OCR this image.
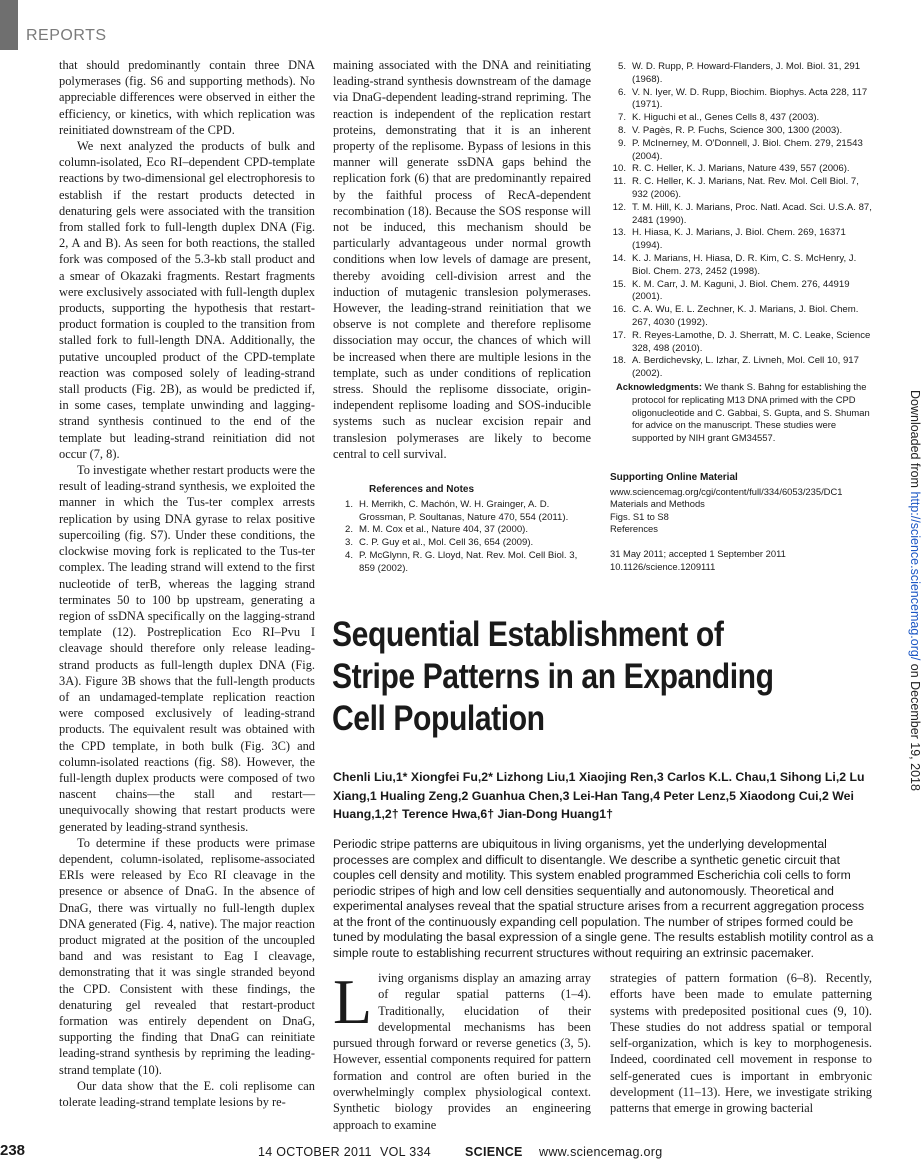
REPORTS

that should predominantly contain three DNA polymerases (fig. S6 and supporting methods). No appreciable differences were observed in either the efficiency, or kinetics, with which replication was reinitiated downstream of the CPD.

We next analyzed the products of bulk and column-isolated, Eco RI–dependent CPD-template reactions by two-dimensional gel electrophoresis to establish if the restart products detected in denaturing gels were associated with the transition from stalled fork to full-length duplex DNA (Fig. 2, A and B). As seen for both reactions, the stalled fork was composed of the 5.3-kb stall product and a smear of Okazaki fragments. Restart fragments were exclusively associated with full-length duplex products, supporting the hypothesis that restart-product formation is coupled to the transition from stalled fork to full-length DNA. Additionally, the putative uncoupled product of the CPD-template reaction was composed solely of leading-strand stall products (Fig. 2B), as would be predicted if, in some cases, template unwinding and lagging-strand synthesis continued to the end of the template but leading-strand reinitiation did not occur (7, 8).

To investigate whether restart products were the result of leading-strand synthesis, we exploited the manner in which the Tus-ter complex arrests replication by using DNA gyrase to relax positive supercoiling (fig. S7). Under these conditions, the clockwise moving fork is replicated to the Tus-ter complex. The leading strand will extend to the first nucleotide of terB, whereas the lagging strand terminates 50 to 100 bp upstream, generating a region of ssDNA specifically on the lagging-strand template (12). Postreplication Eco RI–Pvu I cleavage should therefore only release leading-strand products as full-length duplex DNA (Fig. 3A). Figure 3B shows that the full-length products of an undamaged-template replication reaction were composed exclusively of leading-strand products. The equivalent result was obtained with the CPD template, in both bulk (Fig. 3C) and column-isolated reactions (fig. S8). However, the full-length duplex products were composed of two nascent chains—the stall and restart—unequivocally showing that restart products were generated by leading-strand synthesis.

To determine if these products were primase dependent, column-isolated, replisome-associated ERIs were released by Eco RI cleavage in the presence or absence of DnaG. In the absence of DnaG, there was virtually no full-length duplex DNA generated (Fig. 4, native). The major reaction product migrated at the position of the uncoupled band and was resistant to Eag I cleavage, demonstrating that it was single stranded beyond the CPD. Consistent with these findings, the denaturing gel revealed that restart-product formation was entirely dependent on DnaG, supporting the finding that DnaG can reinitiate leading-strand synthesis by repriming the leading-strand template (10).

Our data show that the E. coli replisome can tolerate leading-strand template lesions by re-

maining associated with the DNA and reinitiating leading-strand synthesis downstream of the damage via DnaG-dependent leading-strand repriming. The reaction is independent of the replication restart proteins, demonstrating that it is an inherent property of the replisome. Bypass of lesions in this manner will generate ssDNA gaps behind the replication fork (6) that are predominantly repaired by the faithful process of RecA-dependent recombination (18). Because the SOS response will not be induced, this mechanism should be particularly advantageous under normal growth conditions when low levels of damage are present, thereby avoiding cell-division arrest and the induction of mutagenic translesion polymerases. However, the leading-strand reinitiation that we observe is not complete and therefore replisome dissociation may occur, the chances of which will be increased when there are multiple lesions in the template, such as under conditions of replication stress. Should the replisome dissociate, origin-independent replisome loading and SOS-inducible systems such as nuclear excision repair and translesion polymerases are likely to become central to cell survival.

References and Notes
1. H. Merrikh, C. Machón, W. H. Grainger, A. D. Grossman, P. Soultanas, Nature 470, 554 (2011).
2. M. M. Cox et al., Nature 404, 37 (2000).
3. C. P. Guy et al., Mol. Cell 36, 654 (2009).
4. P. McGlynn, R. G. Lloyd, Nat. Rev. Mol. Cell Biol. 3, 859 (2002).
5. W. D. Rupp, P. Howard-Flanders, J. Mol. Biol. 31, 291 (1968).
6. V. N. Iyer, W. D. Rupp, Biochim. Biophys. Acta 228, 117 (1971).
7. K. Higuchi et al., Genes Cells 8, 437 (2003).
8. V. Pagès, R. P. Fuchs, Science 300, 1300 (2003).
9. P. McInerney, M. O'Donnell, J. Biol. Chem. 279, 21543 (2004).
10. R. C. Heller, K. J. Marians, Nature 439, 557 (2006).
11. R. C. Heller, K. J. Marians, Nat. Rev. Mol. Cell Biol. 7, 932 (2006).
12. T. M. Hill, K. J. Marians, Proc. Natl. Acad. Sci. U.S.A. 87, 2481 (1990).
13. H. Hiasa, K. J. Marians, J. Biol. Chem. 269, 16371 (1994).
14. K. J. Marians, H. Hiasa, D. R. Kim, C. S. McHenry, J. Biol. Chem. 273, 2452 (1998).
15. K. M. Carr, J. M. Kaguni, J. Biol. Chem. 276, 44919 (2001).
16. C. A. Wu, E. L. Zechner, K. J. Marians, J. Biol. Chem. 267, 4030 (1992).
17. R. Reyes-Lamothe, D. J. Sherratt, M. C. Leake, Science 328, 498 (2010).
18. A. Berdichevsky, L. Izhar, Z. Livneh, Mol. Cell 10, 917 (2002).
Acknowledgments: We thank S. Bahng for establishing the protocol for replicating M13 DNA primed with the CPD oligonucleotide and C. Gabbai, S. Gupta, and S. Shuman for advice on the manuscript. These studies were supported by NIH grant GM34557.
Supporting Online Material
www.sciencemag.org/cgi/content/full/334/6053/235/DC1
Materials and Methods
Figs. S1 to S8
References
31 May 2011; accepted 1 September 2011
10.1126/science.1209111
Sequential Establishment of Stripe Patterns in an Expanding Cell Population
Chenli Liu,1* Xiongfei Fu,2* Lizhong Liu,1 Xiaojing Ren,3 Carlos K.L. Chau,1 Sihong Li,2 Lu Xiang,1 Hualing Zeng,2 Guanhua Chen,3 Lei-Han Tang,4 Peter Lenz,5 Xiaodong Cui,2 Wei Huang,1,2† Terence Hwa,6† Jian-Dong Huang1†
Periodic stripe patterns are ubiquitous in living organisms, yet the underlying developmental processes are complex and difficult to disentangle. We describe a synthetic genetic circuit that couples cell density and motility. This system enabled programmed Escherichia coli cells to form periodic stripes of high and low cell densities sequentially and autonomously. Theoretical and experimental analyses reveal that the spatial structure arises from a recurrent aggregation process at the front of the continuously expanding cell population. The number of stripes formed could be tuned by modulating the basal expression of a single gene. The results establish motility control as a simple route to establishing recurrent structures without requiring an extrinsic pacemaker.
Living organisms display an amazing array of regular spatial patterns (1–4). Traditionally, elucidation of their developmental mechanisms has been pursued through forward or reverse genetics (3, 5). However, essential components required for pattern formation and control are often buried in the overwhelmingly complex physiological context. Synthetic biology provides an engineering approach to examine
strategies of pattern formation (6–8). Recently, efforts have been made to emulate patterning systems with predeposited positional cues (9, 10). These studies do not address spatial or temporal self-organization, which is key to morphogenesis. Indeed, coordinated cell movement in response to self-generated cues is important in embryonic development (11–13). Here, we investigate striking patterns that emerge in growing bacterial
238	14 OCTOBER 2011 VOL 334	SCIENCE www.sciencemag.org
Downloaded from http://science.sciencemag.org/ on December 19, 2018
